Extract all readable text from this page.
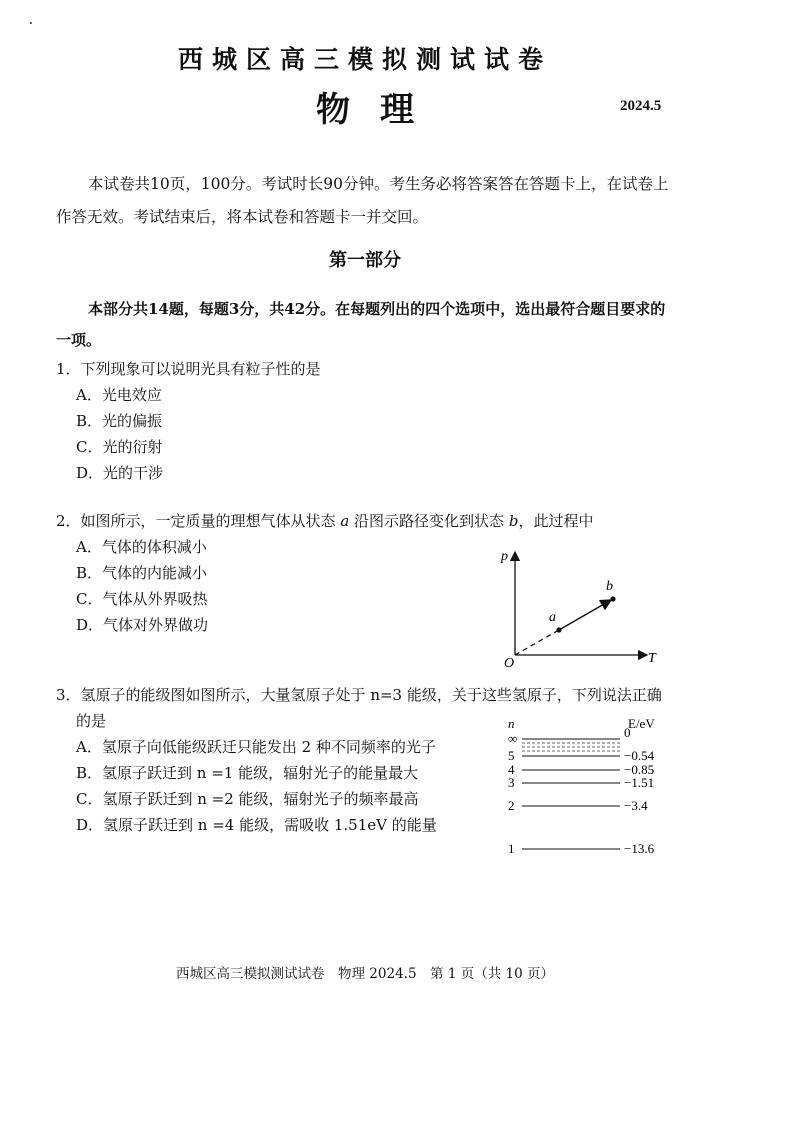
西城区高三模拟测试试卷
物理	2024.5
本试卷共10页，100分。考试时长90分钟。考生务必将答案答在答题卡上，在试卷上作答无效。考试结束后，将本试卷和答题卡一并交回。
第一部分
本部分共14题，每题3分，共42分。在每题列出的四个选项中，选出最符合题目要求的一项。
1．下列现象可以说明光具有粒子性的是
A．光电效应
B．光的偏振
C．光的衍射
D．光的干涉
2．如图所示，一定质量的理想气体从状态 a 沿图示路径变化到状态 b，此过程中
A．气体的体积减小
B．气体的内能减小
C．气体从外界吸热
D．气体对外界做功
p
T
O
a
b
3．氢原子的能级图如图所示，大量氢原子处于 n=3 能级，关于这些氢原子，下列说法正确
的是
A．氢原子向低能级跃迁只能发出 2 种不同频率的光子
B．氢原子跃迁到 n =1 能级，辐射光子的能量最大
C．氢原子跃迁到 n =2 能级，辐射光子的频率最高
D．氢原子跃迁到 n =4 能级，需吸收 1.51eV 的能量
n	E/eV
∞	0
5	−0.54
4	−0.85
3	−1.51
2	−3.4
1	−13.6
西城区高三模拟测试试卷　物理 2024.5　第 1 页（共 10 页）
